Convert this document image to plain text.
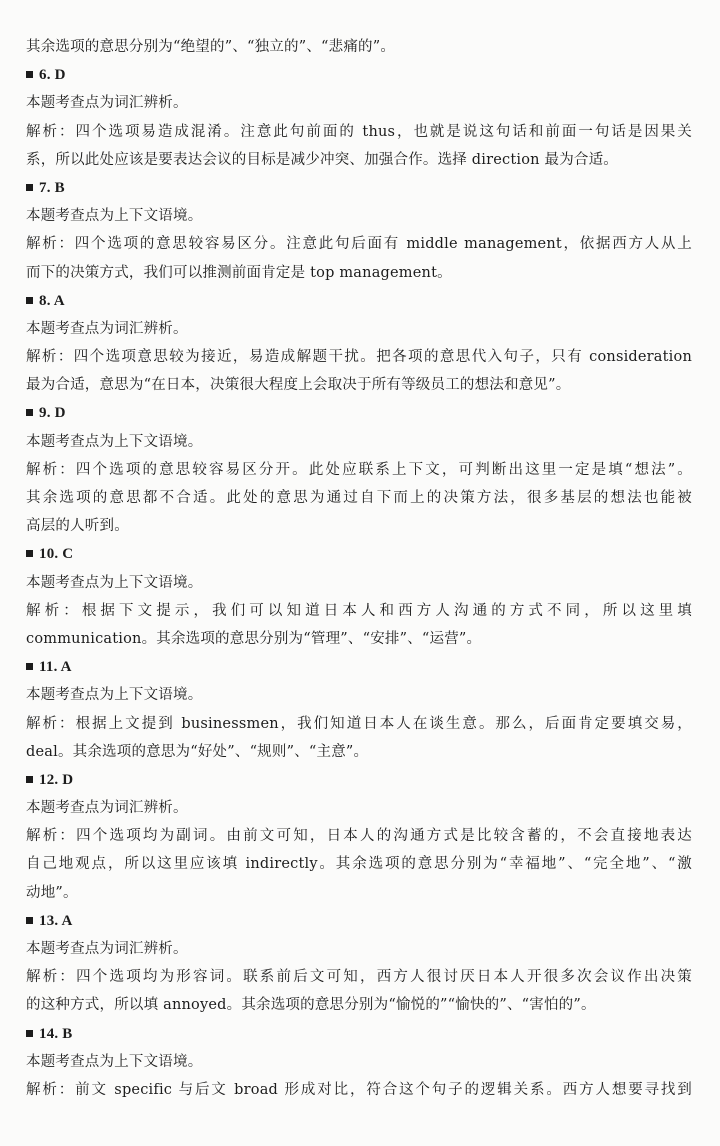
其余选项的意思分别为“绝望的”、“独立的”、“悲痛的”。
6. D
本题考查点为词汇辨析。
解析：四个选项易造成混淆。注意此句前面的 thus，也就是说这句话和前面一句话是因果关
系，所以此处应该是要表达会议的目标是减少冲突、加强合作。选择 direction 最为合适。
7. B
本题考查点为上下文语境。
解析：四个选项的意思较容易区分。注意此句后面有 middle management，依据西方人从上
而下的决策方式，我们可以推测前面肯定是 top management。
8. A
本题考查点为词汇辨析。
解析：四个选项意思较为接近，易造成解题干扰。把各项的意思代入句子，只有 consideration
最为合适，意思为“在日本，决策很大程度上会取决于所有等级员工的想法和意见”。
9. D
本题考查点为上下文语境。
解析：四个选项的意思较容易区分开。此处应联系上下文，可判断出这里一定是填“想法”。
其余选项的意思都不合适。此处的意思为通过自下而上的决策方法，很多基层的想法也能被
高层的人听到。
10. C
本题考查点为上下文语境。
解析：根据下文提示，我们可以知道日本人和西方人沟通的方式不同，所以这里填
communication。其余选项的意思分别为“管理”、“安排”、“运营”。
11. A
本题考查点为上下文语境。
解析：根据上文提到 businessmen，我们知道日本人在谈生意。那么，后面肯定要填交易，
deal。其余选项的意思为“好处”、“规则”、“主意”。
12. D
本题考查点为词汇辨析。
解析：四个选项均为副词。由前文可知，日本人的沟通方式是比较含蓄的，不会直接地表达
自己地观点，所以这里应该填 indirectly。其余选项的意思分别为“幸福地”、“完全地”、“激
动地”。
13. A
本题考查点为词汇辨析。
解析：四个选项均为形容词。联系前后文可知，西方人很讨厌日本人开很多次会议作出决策
的这种方式，所以填 annoyed。其余选项的意思分别为“愉悦的”“愉快的”、“害怕的”。
14. B
本题考查点为上下文语境。
解析：前文 specific 与后文 broad 形成对比，符合这个句子的逻辑关系。西方人想要寻找到
